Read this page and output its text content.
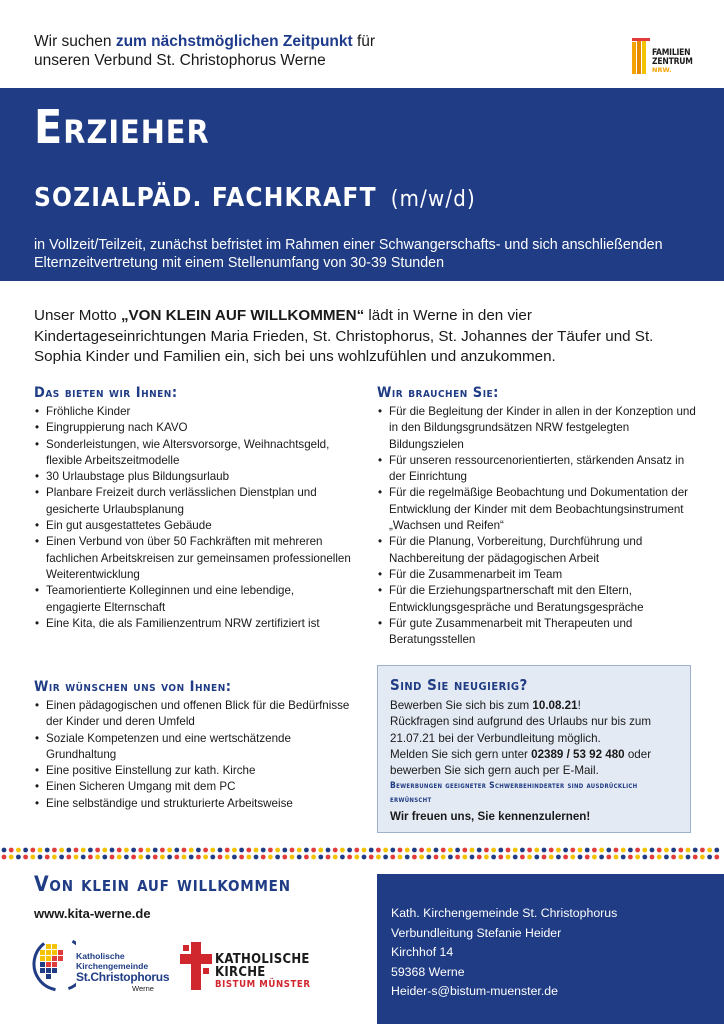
Wir suchen zum nächstmöglichen Zeitpunkt für
unseren Verbund St. Christophorus Werne	FAMILIEN
ZENTRUM
NRW.
Erzieher
SOZIALPÄD. FACHKRAFT (m/w/d)
in Vollzeit/Teilzeit, zunächst befristet im Rahmen einer Schwangerschafts- und sich anschließenden Elternzeitvertretung mit einem Stellenumfang von 30-39 Stunden
Unser Motto „VON KLEIN AUF WILLKOMMEN“ lädt in Werne in den vier Kindertageseinrichtungen Maria Frieden, St. Christophorus, St. Johannes der Täufer und St. Sophia Kinder und Familien ein, sich bei uns wohlzufühlen und anzukommen.
Das bieten wir Ihnen:
• Fröhliche Kinder
• Eingruppierung nach KAVO
• Sonderleistungen, wie Altersvorsorge, Weihnachtsgeld, flexible Arbeitszeitmodelle
• 30 Urlaubstage plus Bildungsurlaub
• Planbare Freizeit durch verlässlichen Dienstplan und gesicherte Urlaubsplanung
• Ein gut ausgestattetes Gebäude
• Einen Verbund von über 50 Fachkräften mit mehreren fachlichen Arbeitskreisen zur gemeinsamen professionellen Weiterentwicklung
• Teamorientierte Kolleginnen und eine lebendige, engagierte Elternschaft
• Eine Kita, die als Familienzentrum NRW zertifiziert ist
Wir brauchen Sie:
• Für die Begleitung der Kinder in allen in der Konzeption und in den Bildungsgrundsätzen NRW festgelegten Bildungszielen
• Für unseren ressourcenorientierten, stärkenden Ansatz in der Einrichtung
• Für die regelmäßige Beobachtung und Dokumentation der Entwicklung der Kinder mit dem Beobachtungsinstrument „Wachsen und Reifen“
• Für die Planung, Vorbereitung, Durchführung und Nachbereitung der pädagogischen Arbeit
• Für die Zusammenarbeit im Team
• Für die Erziehungspartnerschaft mit den Eltern, Entwicklungsgespräche und Beratungsgespräche
• Für gute Zusammenarbeit mit Therapeuten und Beratungsstellen
Wir wünschen uns von Ihnen:
• Einen pädagogischen und offenen Blick für die Bedürfnisse der Kinder und deren Umfeld
• Soziale Kompetenzen und eine wertschätzende Grundhaltung
• Eine positive Einstellung zur kath. Kirche
• Einen Sicheren Umgang mit dem PC
• Eine selbständige und strukturierte Arbeitsweise
Sind Sie neugierig?
Bewerben Sie sich bis zum 10.08.21!
Rückfragen sind aufgrund des Urlaubs nur bis zum 21.07.21 bei der Verbundleitung möglich.
Melden Sie sich gern unter 02389 / 53 92 480 oder bewerben Sie sich gern auch per E-Mail.
Bewerbungen geeigneter Schwerbehinderter sind ausdrücklich erwünscht
Wir freuen uns, Sie kennenzulernen!
Von klein auf willkommen
www.kita-werne.de
Katholische
Kirchengemeinde
St.Christophorus
Werne
KATHOLISCHE
KIRCHE
BISTUM MÜNSTER
Kath. Kirchengemeinde St. Christophorus
Verbundleitung Stefanie Heider
Kirchhof 14
59368 Werne
Heider-s@bistum-muenster.de
